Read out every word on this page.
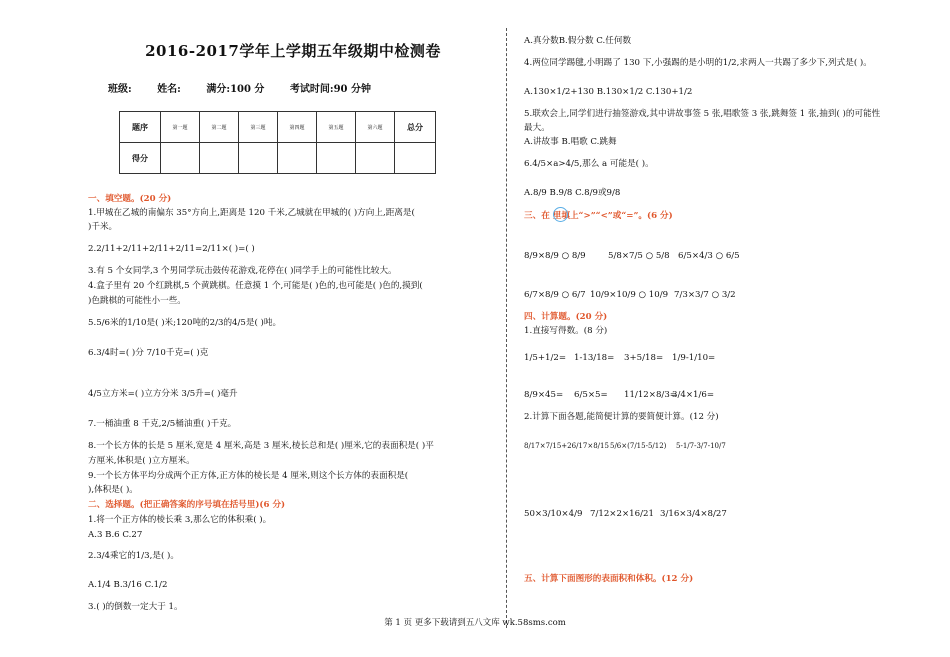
2016-2017学年上学期五年级期中检测卷
班级:	姓名:	满分:100 分	考试时间:90 分钟
题序	第一题	第二题	第三题	第四题	第五题	第六题	总分
得分							
一、填空题。(20 分)
1.甲城在乙城的南偏东 35°方向上,距离是 120 千米,乙城就在甲城的( )方向上,距离是(
)千米。
2.2/11+2/11+2/11+2/11=2/11×( )=( )
3.有 5 个女同学,3 个男同学玩击鼓传花游戏,花停在( )同学手上的可能性比较大。
4.盒子里有 20 个红跳棋,5 个黄跳棋。任意摸 1 个,可能是( )色的,也可能是( )色的,摸到(
)色跳棋的可能性小一些。
5.5/6米的1/10是( )米;120吨的2/3的4/5是( )吨。
6.3/4时=( )分 7/10千克=( )克
4/5立方米=( )立方分米 3/5升=( )毫升
7.一桶油重 8 千克,2/5桶油重( )千克。
8.一个长方体的长是 5 厘米,宽是 4 厘米,高是 3 厘米,棱长总和是( )厘米,它的表面积是( )平
方厘米,体积是( )立方厘米。
9.一个长方体平均分成两个正方体,正方体的棱长是 4 厘米,则这个长方体的表面积是(
),体积是( )。
二、选择题。(把正确答案的序号填在括号里)(6 分)
1.将一个正方体的棱长乘 3,那么它的体积乘( )。
A.3 B.6 C.27
2.3/4乘它的1/3,是( )。
A.1/4 B.3/16 C.1/2
3.( )的倒数一定大于 1。
A.真分数B.假分数 C.任何数
4.两位同学踢毽,小明踢了 130 下,小强踢的是小明的1/2,求两人一共踢了多少下,列式是( )。
A.130×1/2+130 B.130×1/2 C.130+1/2
5.联欢会上,同学们进行抽签游戏,其中讲故事签 5 张,唱歌签 3 张,跳舞签 1 张,抽到( )的可能性
最大。
A.讲故事 B.唱歌 C.跳舞
6.4/5×a>4/5,那么 a 可能是( )。
A.8/9 B.9/8 C.8/9或9/8
三、在 里填上“>”“<”或“=”。(6 分)
8/9×8/9 ○ 8/9	5/8×7/5 ○ 5/8 6/5×4/3 ○ 6/5
6/7×8/9 ○ 6/7 10/9×10/9 ○ 10/9 7/3×3/7 ○ 3/2
四、计算题。(20 分)
1.直接写得数。(8 分)
1/5+1/2= 1-13/18= 3+5/18= 1/9-1/10=
8/9×45= 6/5×5= 11/12×8/3=
3/4×1/6=
2.计算下面各题,能简便计算的要简便计算。(12 分)
8/17×7/15+26/17×8/15 5/6×(7/15-5/12) 5-1/7-3/7-10/7
50×3/10×4/9 7/12×2×16/21 3/16×3/4×8/27
五、计算下面图形的表面积和体积。(12 分)
第 1 页 更多下载请到五八文库 wk.58sms.com
